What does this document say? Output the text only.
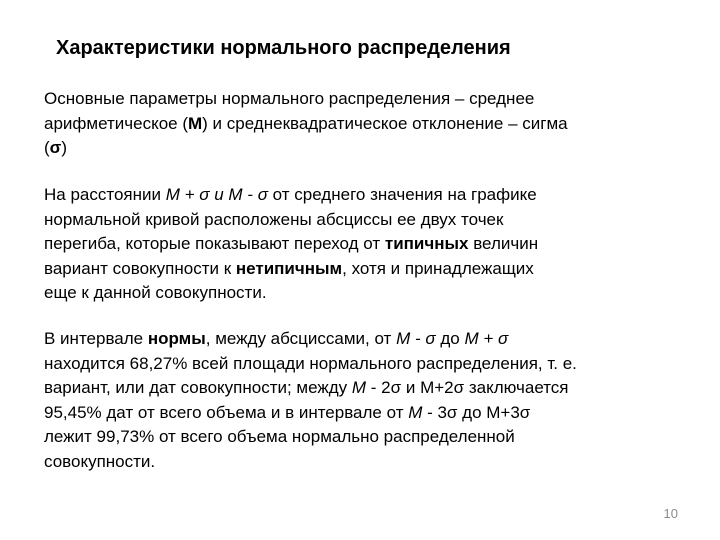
Характеристики нормального распределения
Основные параметры нормального распределения – среднее
арифметическое (М) и среднеквадратическое отклонение – сигма
(σ)
На расстоянии М + σ и М - σ от среднего значения на графике
нормальной кривой расположены абсциссы ее двух точек
перегиба, которые показывают переход от типичных величин
вариант совокупности к нетипичным, хотя и принадлежащих
еще к данной совокупности.
В интервале нормы, между абсциссами, от М - σ до М + σ
находится 68,27% всей площади нормального распределения, т. е.
вариант, или дат совокупности; между М - 2σ и М+2σ заключается
95,45% дат от всего объема и в интервале от М - 3σ до М+3σ
лежит 99,73% от всего объема нормально распределенной
совокупности.
10
